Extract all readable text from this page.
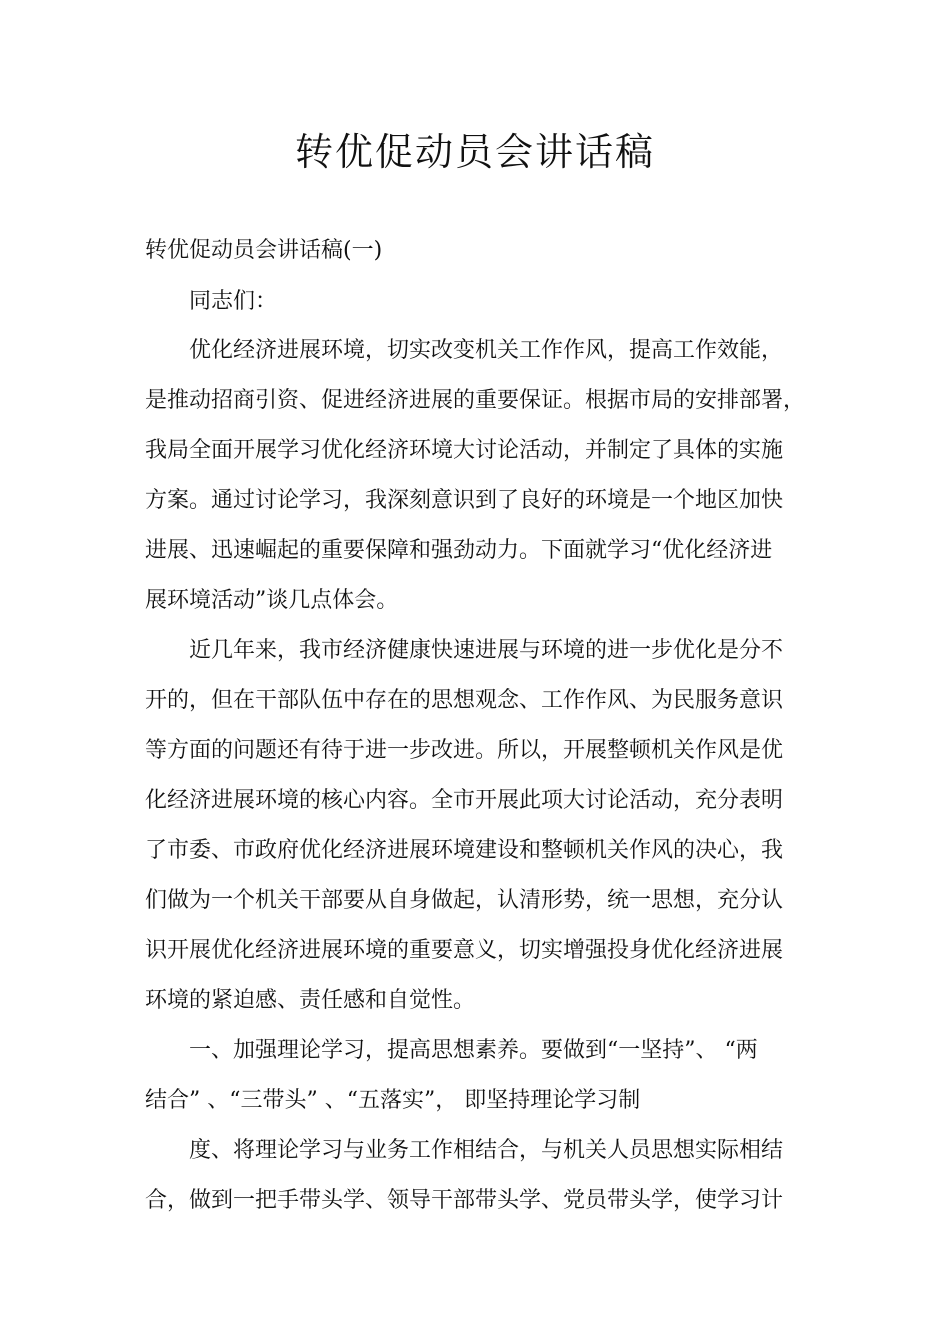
转优促动员会讲话稿
转优促动员会讲话稿(一)
同志们：
优化经济进展环境，切实改变机关工作作风，提高工作效能，
是推动招商引资、促进经济进展的重要保证。根据市局的安排部署，
我局全面开展学习优化经济环境大讨论活动，并制定了具体的实施
方案。通过讨论学习，我深刻意识到了良好的环境是一个地区加快
进展、迅速崛起的重要保障和强劲动力。下面就学习“优化经济进
展环境活动”谈几点体会。
近几年来，我市经济健康快速进展与环境的进一步优化是分不
开的，但在干部队伍中存在的思想观念、工作作风、为民服务意识
等方面的问题还有待于进一步改进。所以，开展整顿机关作风是优
化经济进展环境的核心内容。全市开展此项大讨论活动，充分表明
了市委、市政府优化经济进展环境建设和整顿机关作风的决心，我
们做为一个机关干部要从自身做起，认清形势，统一思想，充分认
识开展优化经济进展环境的重要意义，切实增强投身优化经济进展
环境的紧迫感、责任感和自觉性。
一、加强理论学习，提高思想素养。要做到“一坚持”、 “两
结合” 、“三带头” 、“五落实”， 即坚持理论学习制
度、将理论学习与业务工作相结合，与机关人员思想实际相结
合，做到一把手带头学、领导干部带头学、党员带头学，使学习计
